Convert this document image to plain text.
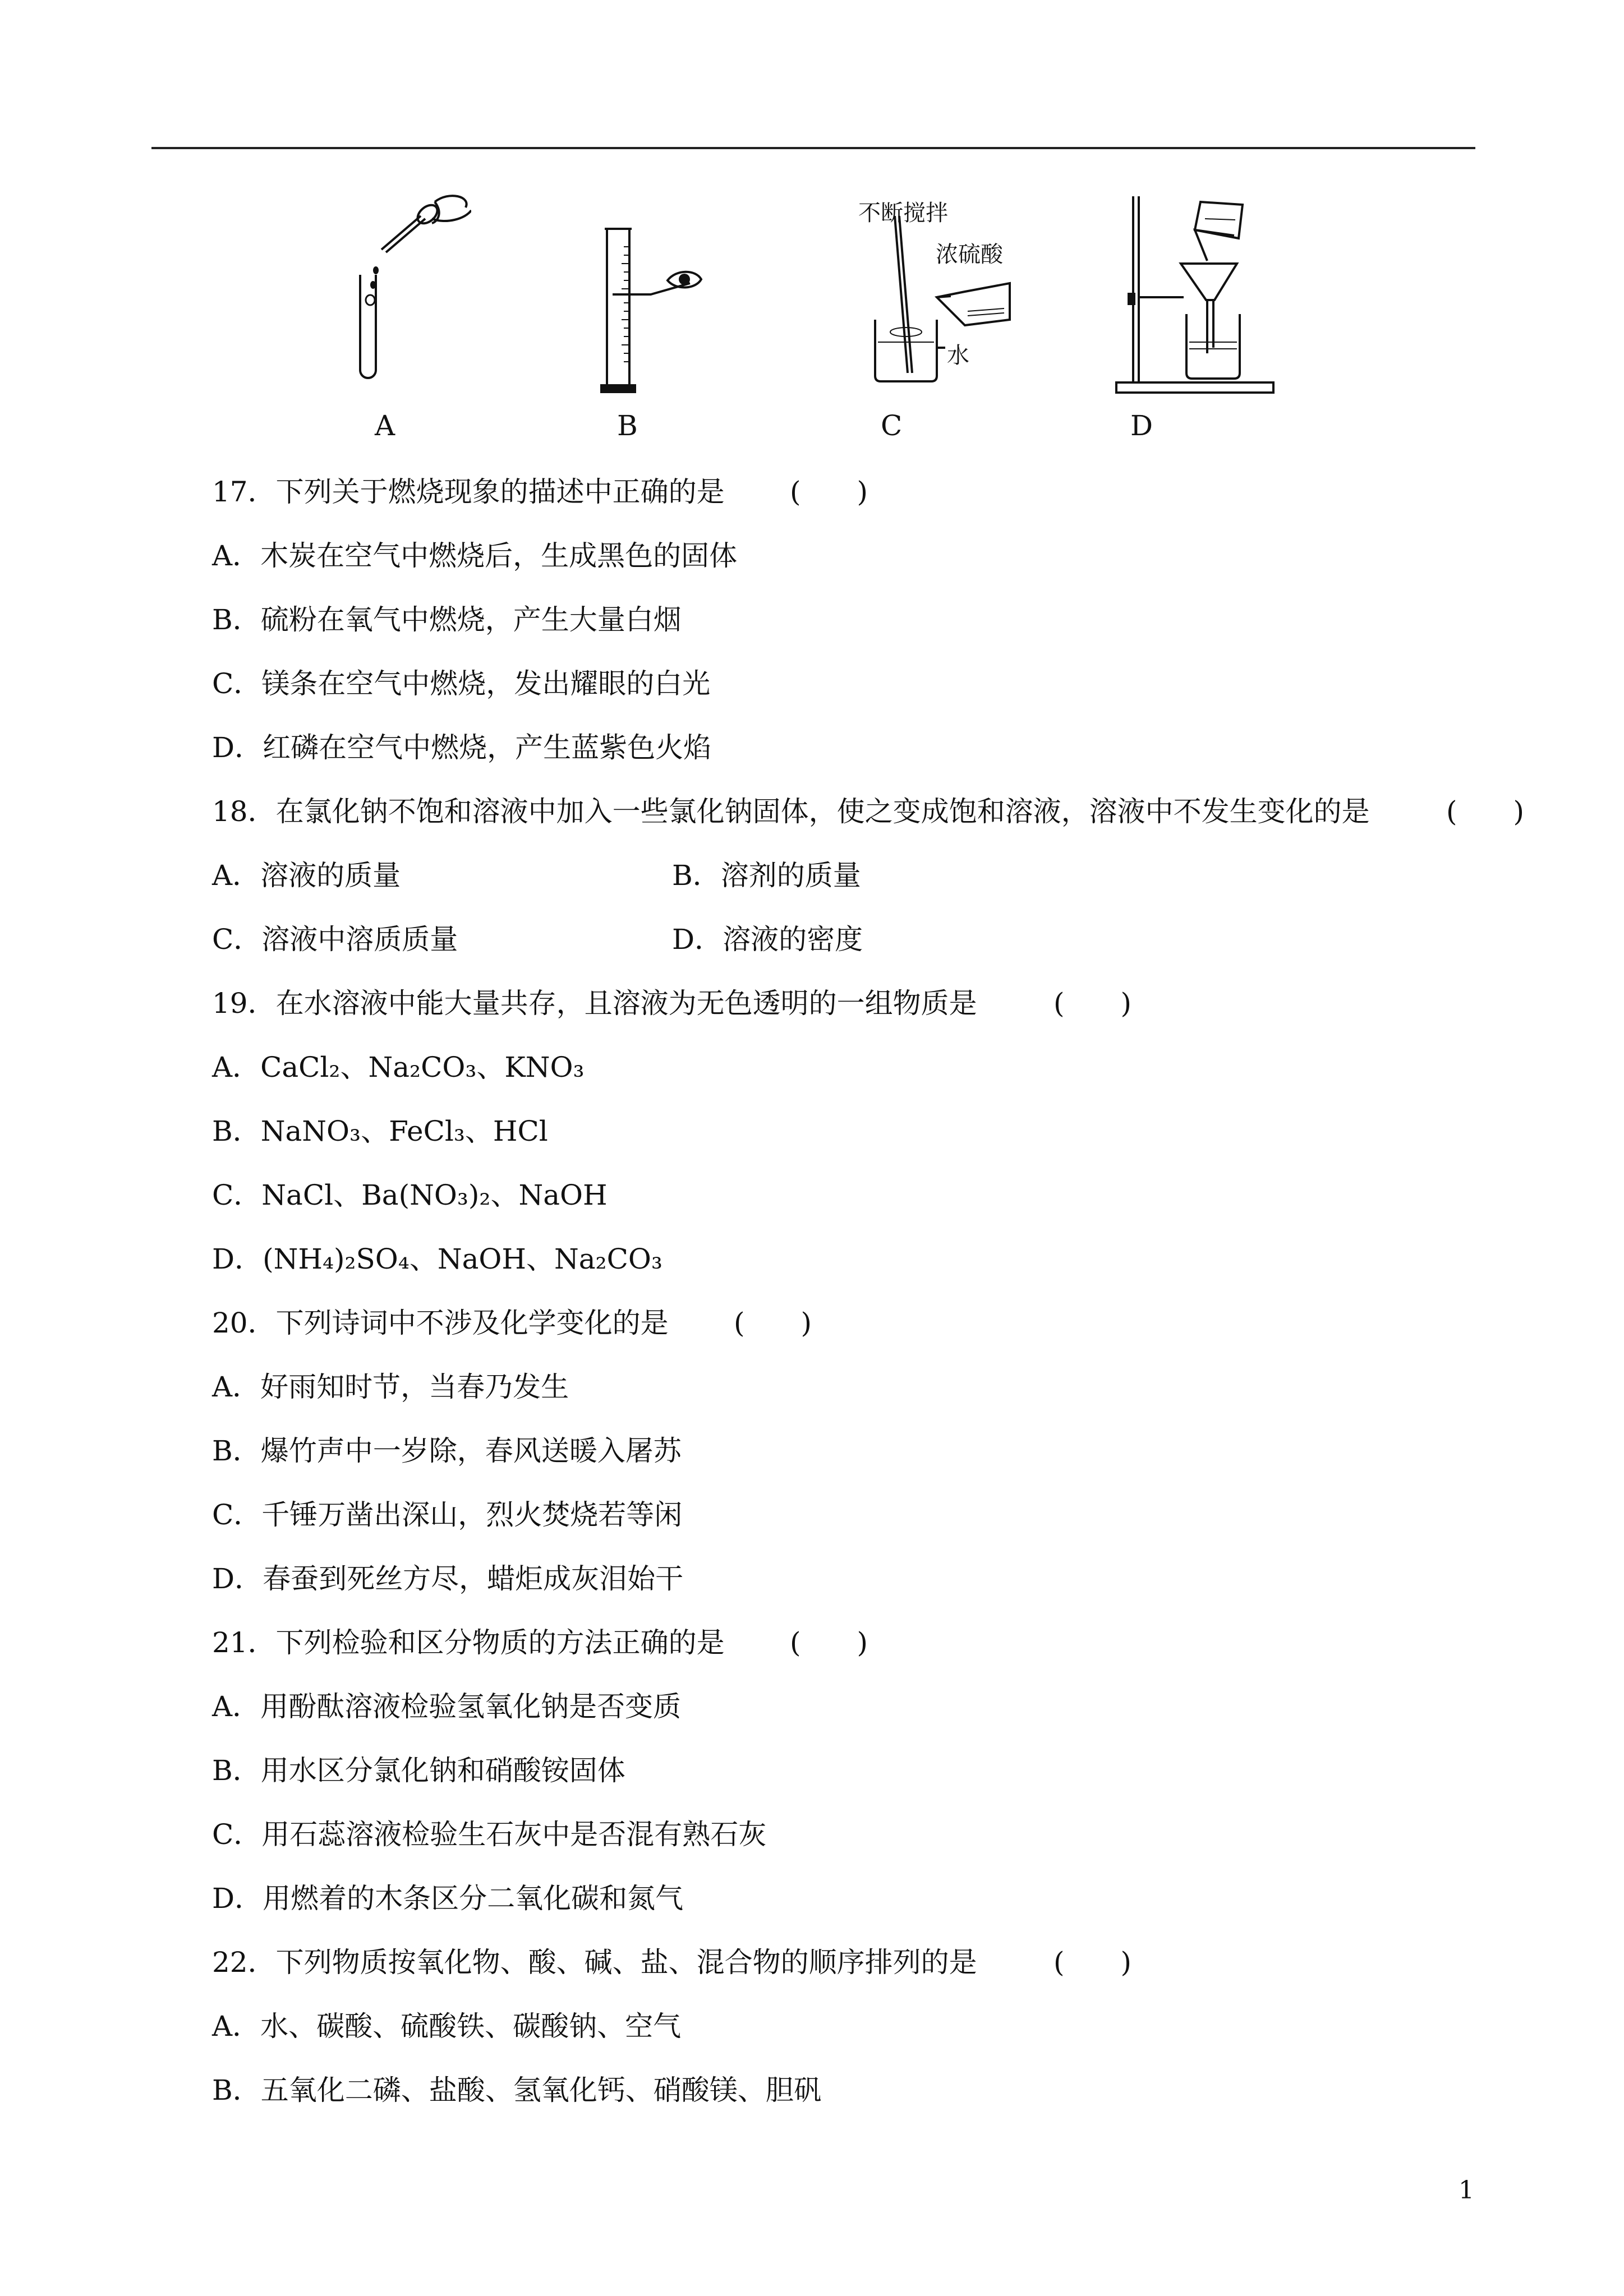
A	B
不断搅拌
浓硫酸
水
C	D
17．下列关于燃烧现象的描述中正确的是 (　　)
A．木炭在空气中燃烧后，生成黑色的固体
B．硫粉在氧气中燃烧，产生大量白烟
C．镁条在空气中燃烧，发出耀眼的白光
D．红磷在空气中燃烧，产生蓝紫色火焰
18．在氯化钠不饱和溶液中加入一些氯化钠固体，使之变成饱和溶液，溶液中不发生变化的是	(　　)
A．溶液的质量	B．溶剂的质量
C．溶液中溶质质量	D．溶液的密度
19．在水溶液中能大量共存，且溶液为无色透明的一组物质是	(　　)
A．CaCl₂、Na₂CO₃、KNO₃
B．NaNO₃、FeCl₃、HCl
C．NaCl、Ba(NO₃)₂、NaOH
D．(NH₄)₂SO₄、NaOH、Na₂CO₃
20．下列诗词中不涉及化学变化的是 (　　)
A．好雨知时节，当春乃发生
B．爆竹声中一岁除，春风送暖入屠苏
C．千锤万凿出深山，烈火焚烧若等闲
D．春蚕到死丝方尽，蜡炬成灰泪始干
21．下列检验和区分物质的方法正确的是 (　　)
A．用酚酞溶液检验氢氧化钠是否变质
B．用水区分氯化钠和硝酸铵固体
C．用石蕊溶液检验生石灰中是否混有熟石灰
D．用燃着的木条区分二氧化碳和氮气
22．下列物质按氧化物、酸、碱、盐、混合物的顺序排列的是	(　　)
A．水、碳酸、硫酸铁、碳酸钠、空气
B．五氧化二磷、盐酸、氢氧化钙、硝酸镁、胆矾
1
